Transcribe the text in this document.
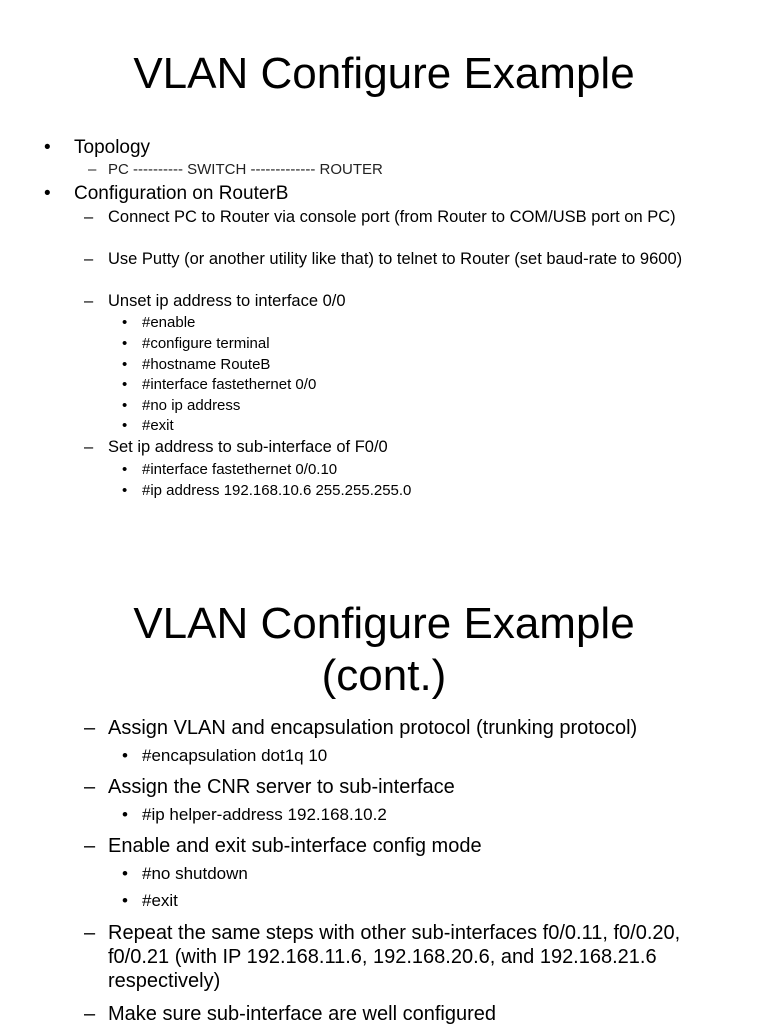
VLAN Configure Example
• Topology
– PC ---------- SWITCH ------------- ROUTER
• Configuration on RouterB
– Connect PC to Router via console port (from Router to COM/USB port on PC)
– Use Putty (or another utility like that) to telnet to Router (set baud-rate to 9600)
– Unset ip address to interface 0/0
• #enable
• #configure terminal
• #hostname RouteB
• #interface fastethernet 0/0
• #no ip address
• #exit
– Set ip address to sub-interface of F0/0
• #interface fastethernet 0/0.10
• #ip address 192.168.10.6 255.255.255.0
VLAN Configure Example
(cont.)
– Assign VLAN and encapsulation protocol (trunking protocol)
• #encapsulation dot1q 10
– Assign the CNR server to sub-interface
• #ip helper-address 192.168.10.2
– Enable and exit sub-interface config mode
• #no shutdown
• #exit
– Repeat the same steps with other sub-interfaces f0/0.11, f0/0.20, f0/0.21 (with IP 192.168.11.6, 192.168.20.6, and 192.168.21.6 respectively)
– Make sure sub-interface are well configured
